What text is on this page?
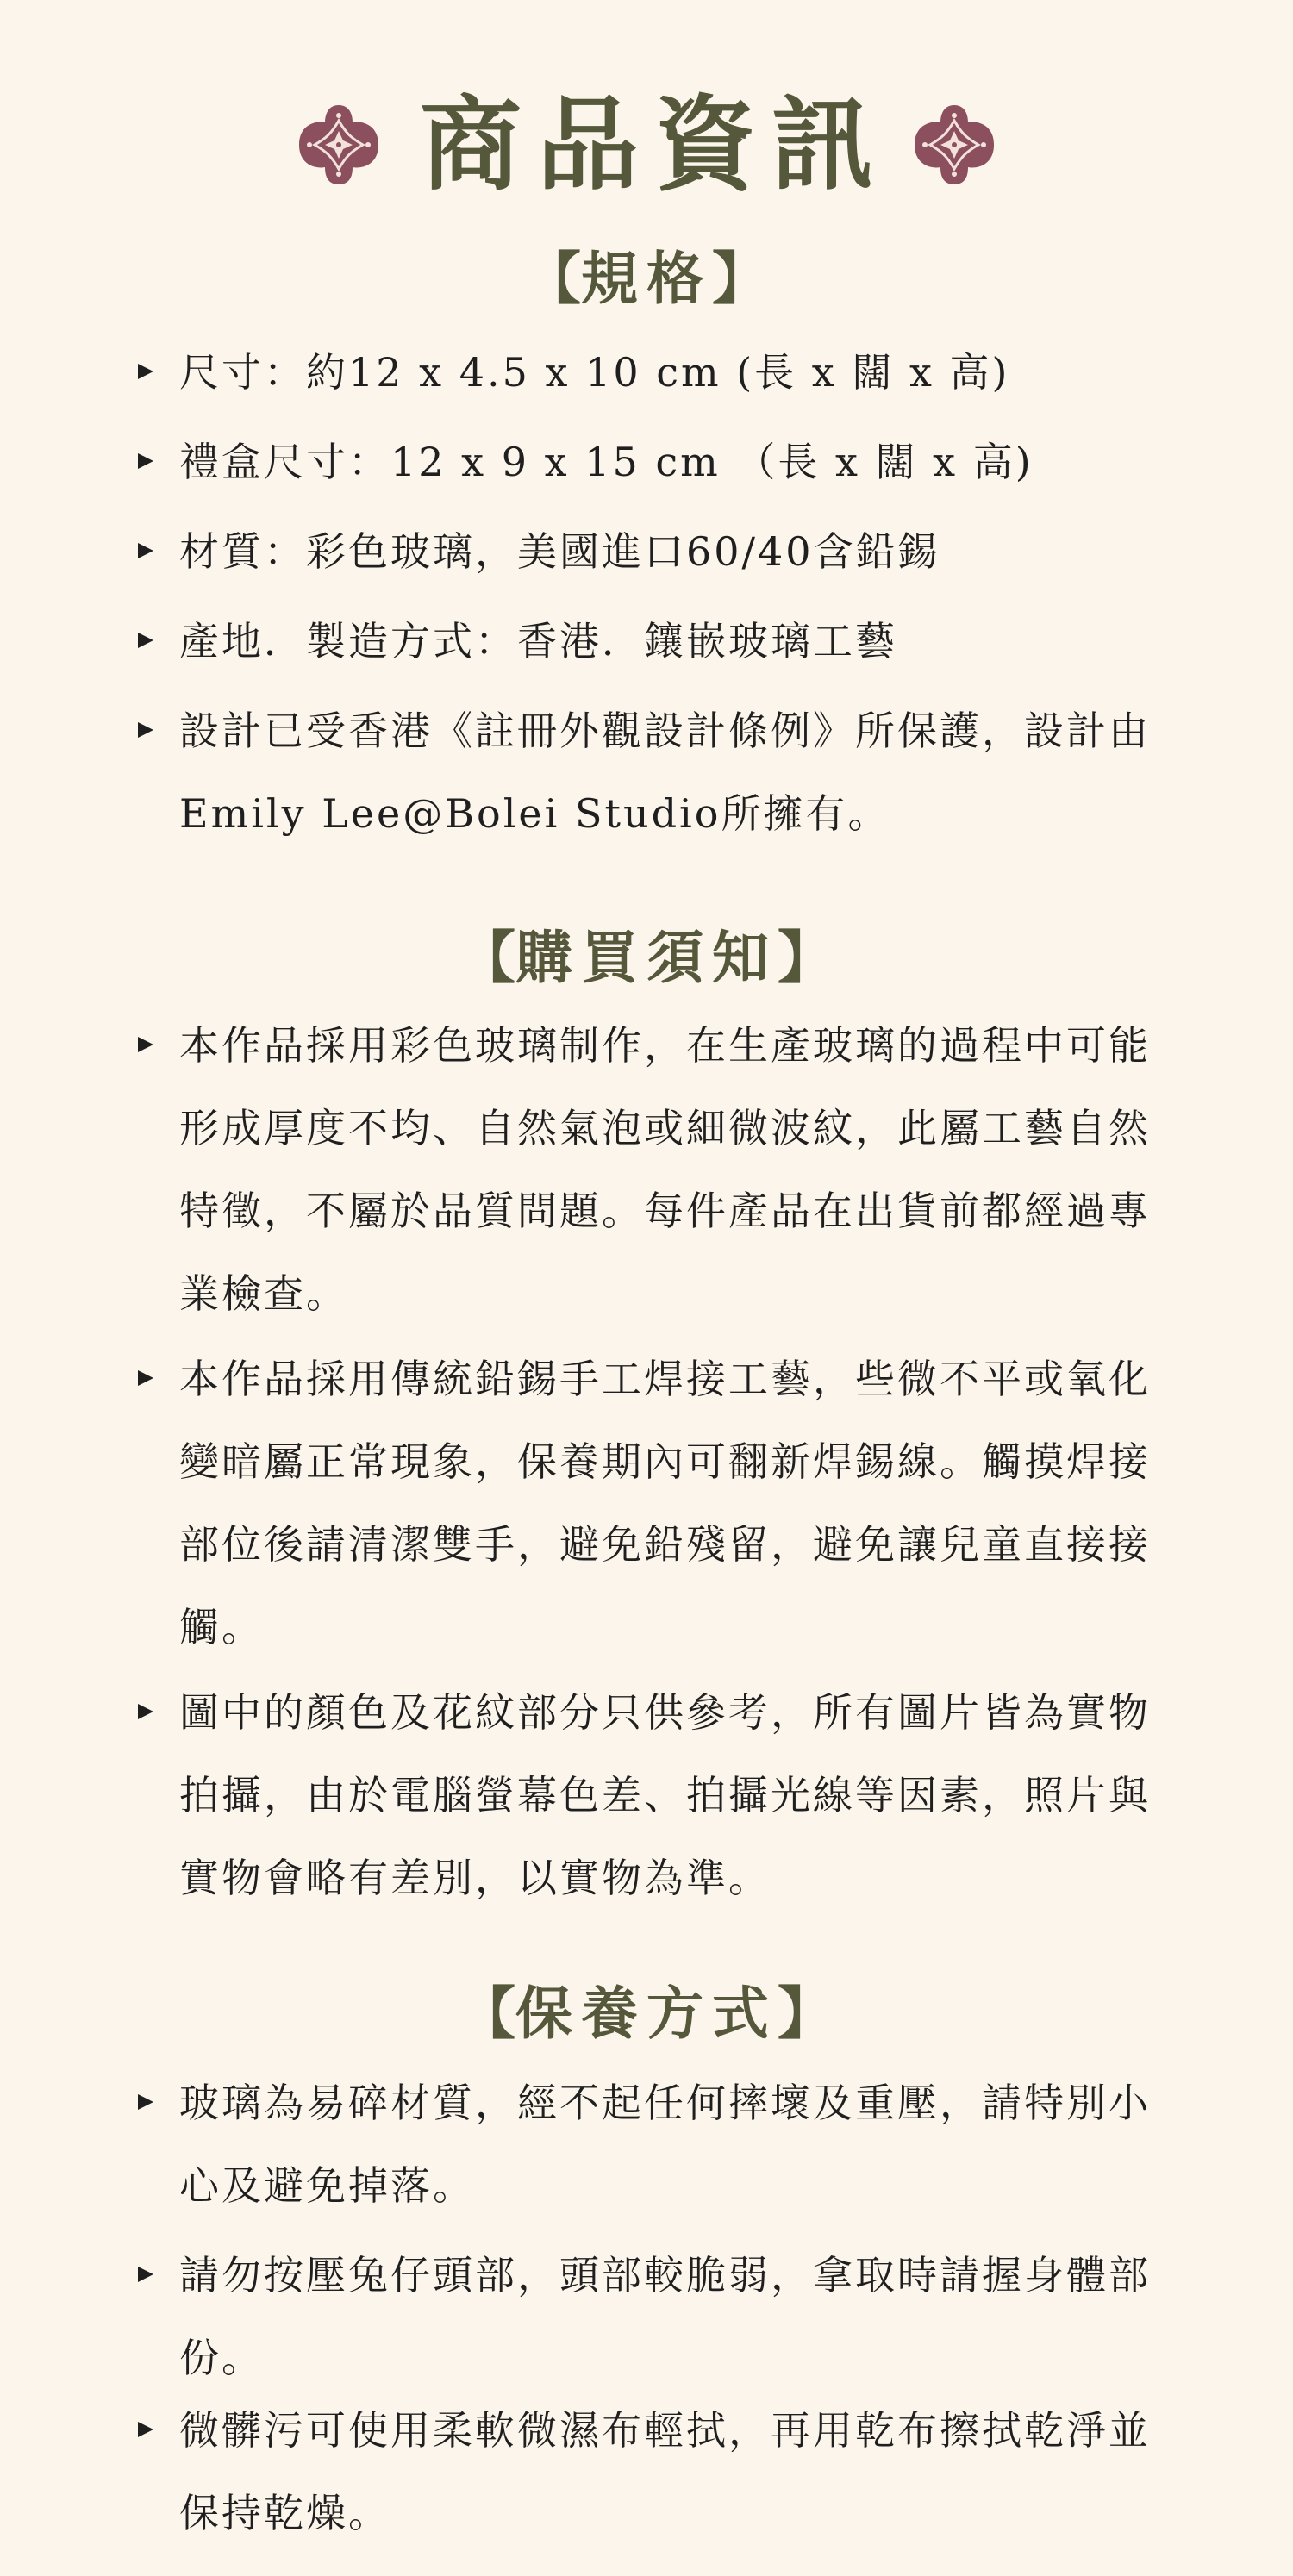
商品資訊
【規格】

尺寸：約12 x 4.5 x 10 cm (長 x 闊 x 高)

禮盒尺寸：12 x 9 x 15 cm （長 x 闊 x 高)

材質：彩色玻璃，美國進口60/40含鉛錫

產地．製造方式：香港．鑲嵌玻璃工藝

設計已受香港《註冊外觀設計條例》所保護，設計由Emily Lee@Bolei Studio所擁有。

【購買須知】

本作品採用彩色玻璃制作，在生產玻璃的過程中可能形成厚度不均、自然氣泡或細微波紋，此屬工藝自然特徵，不屬於品質問題。每件產品在出貨前都經過專業檢查。

本作品採用傳統鉛錫手工焊接工藝，些微不平或氧化變暗屬正常現象，保養期內可翻新焊錫線。觸摸焊接部位後請清潔雙手，避免鉛殘留，避免讓兒童直接接觸。

圖中的顏色及花紋部分只供參考，所有圖片皆為實物拍攝，由於電腦螢幕色差、拍攝光線等因素，照片與實物會略有差別，以實物為準。

【保養方式】

玻璃為易碎材質，經不起任何摔壞及重壓，請特別小心及避免掉落。

請勿按壓兔仔頭部，頭部較脆弱，拿取時請握身體部份。

微髒污可使用柔軟微濕布輕拭，再用乾布擦拭乾淨並保持乾燥。
